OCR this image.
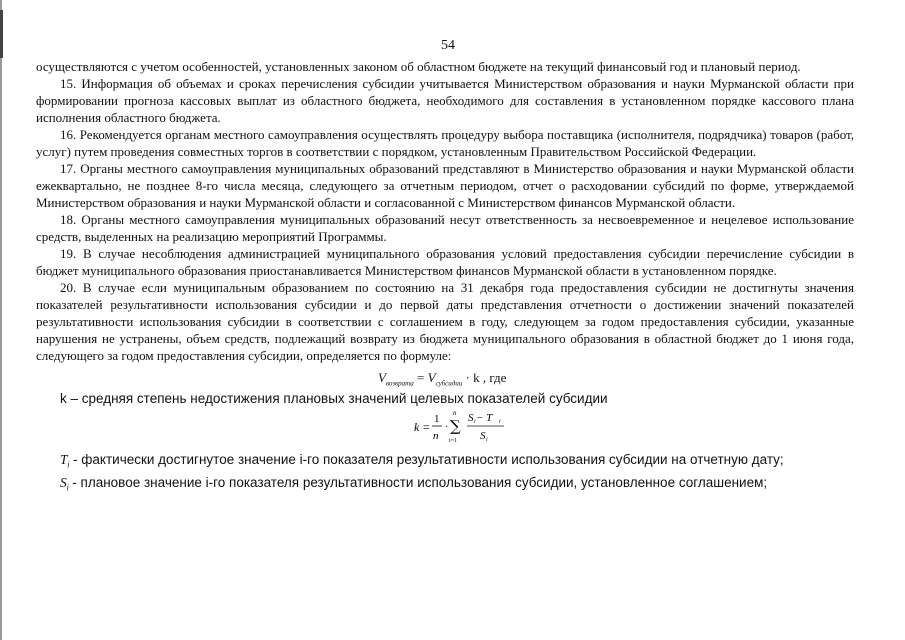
54

осуществляются с учетом особенностей, установленных законом об областном бюджете на текущий финансовый год и плановый период.

15. Информация об объемах и сроках перечисления субсидии учитывается Министерством образования и науки Мурманской области при формировании прогноза кассовых выплат из областного бюджета, необходимого для составления в установленном порядке кассового плана исполнения областного бюджета.

16. Рекомендуется органам местного самоуправления осуществлять процедуру выбора поставщика (исполнителя, подрядчика) товаров (работ, услуг) путем проведения совместных торгов в соответствии с порядком, установленным Правительством Российской Федерации.

17. Органы местного самоуправления муниципальных образований представляют в Министерство образования и науки Мурманской области ежеквартально, не позднее 8-го числа месяца, следующего за отчетным периодом, отчет о расходовании субсидий по форме, утверждаемой Министерством образования и науки Мурманской области и согласованной с Министерством финансов Мурманской области.

18. Органы местного самоуправления муниципальных образований несут ответственность за несвоевременное и нецелевое использование средств, выделенных на реализацию мероприятий Программы.

19. В случае несоблюдения администрацией муниципального образования условий предоставления субсидии перечисление субсидии в бюджет муниципального образования приостанавливается Министерством финансов Мурманской области в установленном порядке.

20. В случае если муниципальным образованием по состоянию на 31 декабря года предоставления субсидии не достигнуты значения показателей результативности использования субсидии и до первой даты представления отчетности о достижении значений показателей результативности использования субсидии в соответствии с соглашением в году, следующем за годом предоставления субсидии, указанные нарушения не устранены, объем средств, подлежащий возврату из бюджета муниципального образования в областной бюджет до 1 июня года, следующего за годом предоставления субсидии, определяется по формуле:

$V_{возврата} = V_{субсидии} \cdot k$ , где
k – средняя степень недостижения плановых значений целевых показателей субсидии
k =
1
n
·
n
∑
i=1
S i − T i
S i
$T_i$ - фактически достигнутое значение i-го показателя результативности использования субсидии на отчетную дату;
$S_i$ - плановое значение i-го показателя результативности использования субсидии, установленное соглашением;
